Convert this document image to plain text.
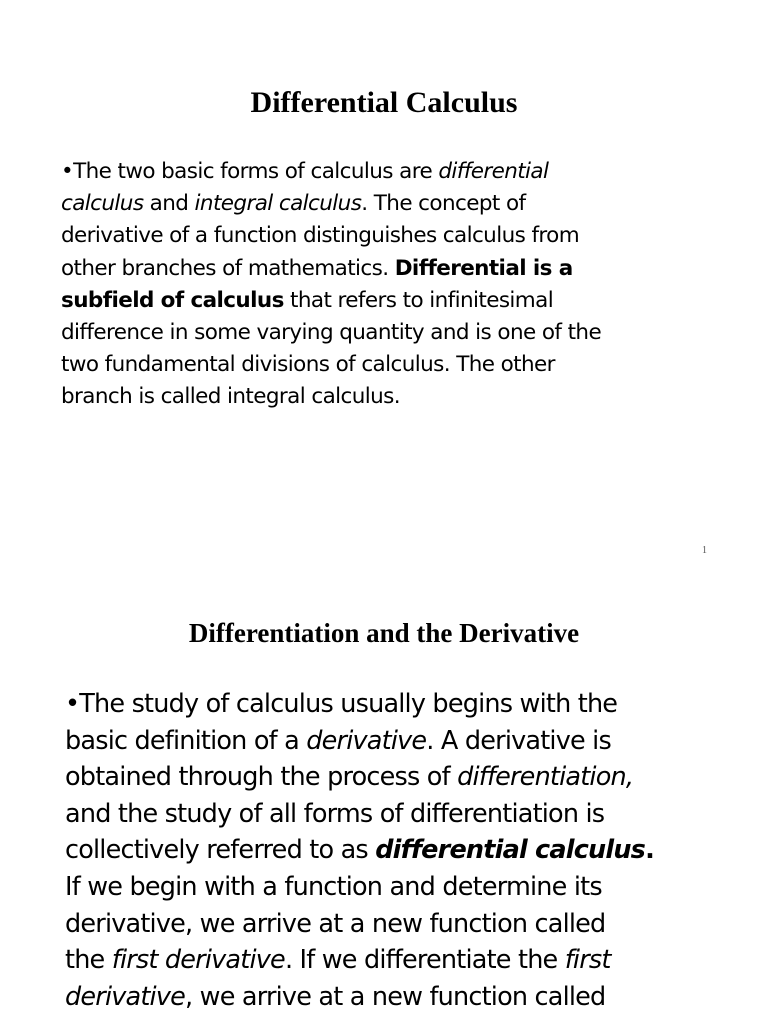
Differential Calculus
•The two basic forms of calculus are differential
calculus and integral calculus. The concept of
derivative of a function distinguishes calculus from
other branches of mathematics. Differential is a
subfield of calculus that refers to infinitesimal
difference in some varying quantity and is one of the
two fundamental divisions of calculus. The other
branch is called integral calculus.
1
Differentiation and the Derivative
•The study of calculus usually begins with the
basic definition of a derivative. A derivative is
obtained through the process of differentiation,
and the study of all forms of differentiation is
collectively referred to as differential calculus.
If we begin with a function and determine its
derivative, we arrive at a new function called
the first derivative. If we differentiate the first
derivative, we arrive at a new function called
